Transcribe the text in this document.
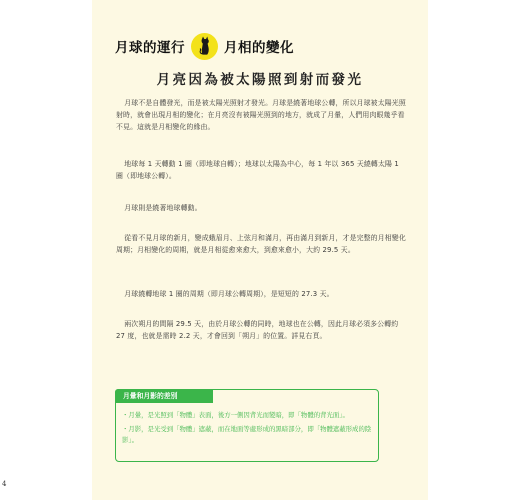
月球的運行	月相的變化
月亮因為被太陽照到射而發光
月球不是自體發光，而是被太陽光照射才發光。月球是繞著地球公轉，所以月球被太陽光照射時，就會出現月相的變化；在月亮沒有被陽光照到的地方，就成了月暈，人們用肉眼幾乎看不見。這就是月相變化的緣由。
地球每 1 天轉動 1 圈（即地球自轉）；地球以太陽為中心，每 1 年以 365 天繞轉太陽 1 圈（即地球公轉）。
月球則是繞著地球轉動。
從看不見月球的新月，變成蛾眉月、上弦月和滿月，再由滿月到新月，才是完整的月相變化周期；月相變化的周期，就是月相從愈來愈大，到愈來愈小，大約 29.5 天。
月球繞轉地球 1 圈的周期（即月球公轉周期），是短短的 27.3 天。
兩次朔月的間隔 29.5 天，由於月球公轉的同時，地球也在公轉，因此月球必須多公轉約 27 度，也就是需時 2.2 天，才會回到「朔月」的位置。詳見右頁。
月暈和月影的差別
・月暈，是光照到「物體」表面，後方一側因背光而變暗，即「物體的背光面」。
・月影，是光受到「物體」遮蔽，而在地面等處形成的黑暗部分，即「物體遮蔽形成的陰影」。
4
